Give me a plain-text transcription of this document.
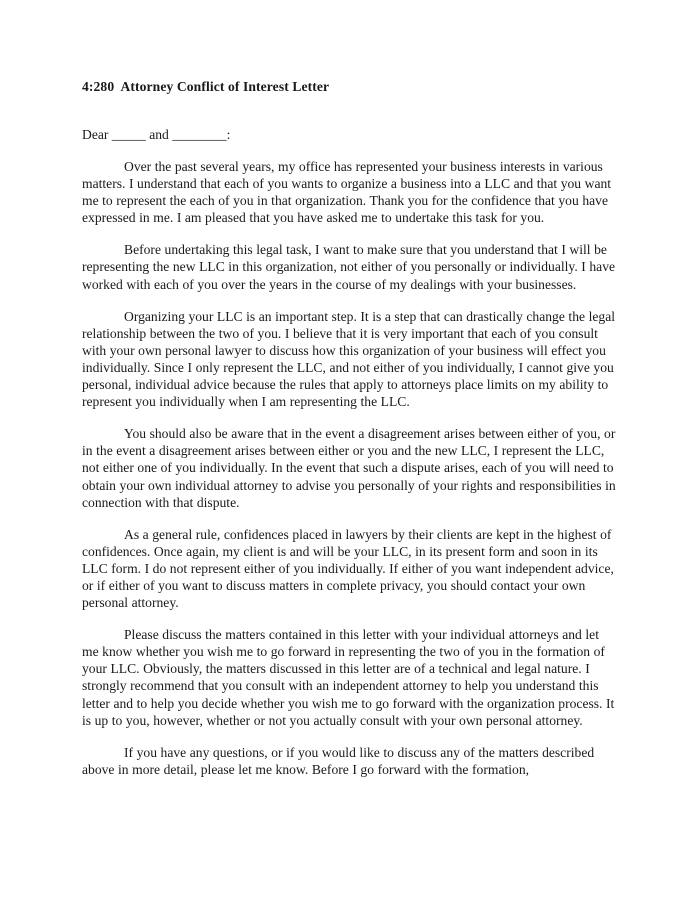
4:280  Attorney Conflict of Interest Letter

Dear _____ and ________:

Over the past several years, my office has represented your business interests in various matters. I understand that each of you wants to organize a business into a LLC and that you want me to represent the each of you in that organization. Thank you for the confidence that you have expressed in me. I am pleased that you have asked me to undertake this task for you.

Before undertaking this legal task, I want to make sure that you understand that I will be representing the new LLC in this organization, not either of you personally or individually. I have worked with each of you over the years in the course of my dealings with your businesses.

Organizing your LLC is an important step. It is a step that can drastically change the legal relationship between the two of you. I believe that it is very important that each of you consult with your own personal lawyer to discuss how this organization of your business will effect you individually. Since I only represent the LLC, and not either of you individually, I cannot give you personal, individual advice because the rules that apply to attorneys place limits on my ability to represent you individually when I am representing the LLC.

You should also be aware that in the event a disagreement arises between either of you, or in the event a disagreement arises between either or you and the new LLC, I represent the LLC, not either one of you individually. In the event that such a dispute arises, each of you will need to obtain your own individual attorney to advise you personally of your rights and responsibilities in connection with that dispute.

As a general rule, confidences placed in lawyers by their clients are kept in the highest of confidences. Once again, my client is and will be your LLC, in its present form and soon in its LLC form. I do not represent either of you individually. If either of you want independent advice, or if either of you want to discuss matters in complete privacy, you should contact your own personal attorney.

Please discuss the matters contained in this letter with your individual attorneys and let me know whether you wish me to go forward in representing the two of you in the formation of your LLC. Obviously, the matters discussed in this letter are of a technical and legal nature. I strongly recommend that you consult with an independent attorney to help you understand this letter and to help you decide whether you wish me to go forward with the organization process. It is up to you, however, whether or not you actually consult with your own personal attorney.

If you have any questions, or if you would like to discuss any of the matters described above in more detail, please let me know. Before I go forward with the formation,
